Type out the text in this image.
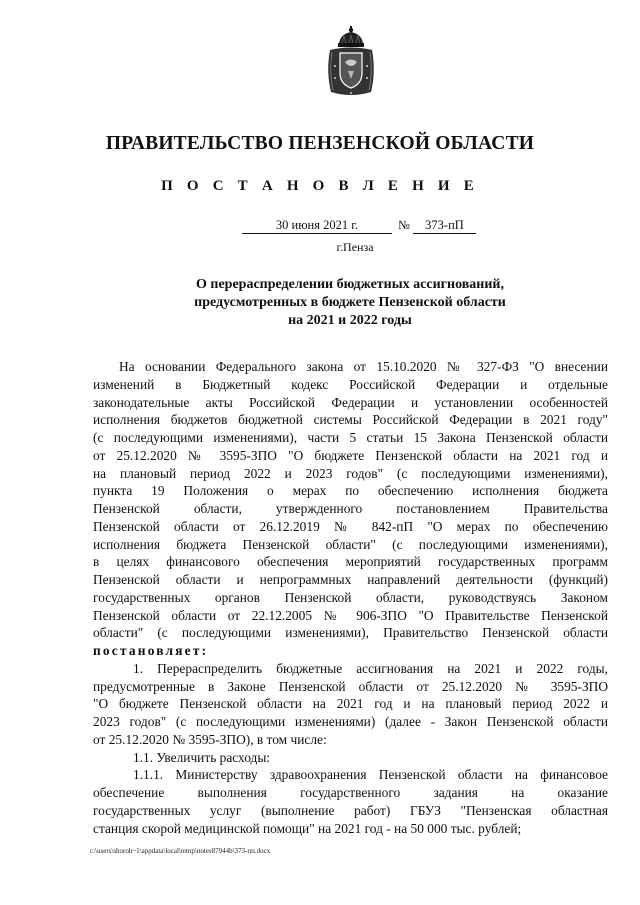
ПРАВИТЕЛЬСТВО ПЕНЗЕНСКОЙ ОБЛАСТИ
П О С Т А Н О В Л Е Н И Е
30 июня 2021 г.	№	373-пП
г.Пенза
О перераспределении бюджетных ассигнований,
предусмотренных в бюджете Пензенской области
на 2021 и 2022 годы
На основании Федерального закона от 15.10.2020 № 327-ФЗ "О внесении
изменений в Бюджетный кодекс Российской Федерации и отдельные
законодательные акты Российской Федерации и установлении особенностей
исполнения бюджетов бюджетной системы Российской Федерации в 2021 году"
(с последующими изменениями), части 5 статьи 15 Закона Пензенской области
от 25.12.2020 № 3595-ЗПО "О бюджете Пензенской области на 2021 год и
на плановый период 2022 и 2023 годов" (с последующими изменениями),
пункта 19 Положения о мерах по обеспечению исполнения бюджета
Пензенской области, утвержденного постановлением Правительства
Пензенской области от 26.12.2019 № 842-пП "О мерах по обеспечению
исполнения бюджета Пензенской области" (с последующими изменениями),
в целях финансового обеспечения мероприятий государственных программ
Пензенской области и непрограммных направлений деятельности (функций)
государственных органов Пензенской области, руководствуясь Законом
Пензенской области от 22.12.2005 № 906-ЗПО "О Правительстве Пензенской
области" (с последующими изменениями), Правительство Пензенской области
постановляет:
1. Перераспределить бюджетные ассигнования на 2021 и 2022 годы,
предусмотренные в Законе Пензенской области от 25.12.2020 № 3595-ЗПО
"О бюджете Пензенской области на 2021 год и на плановый период 2022 и
2023 годов" (с последующими изменениями) (далее - Закон Пензенской области
от 25.12.2020 № 3595-ЗПО), в том числе:
1.1. Увеличить расходы:
1.1.1. Министерству здравоохранения Пензенской области на финансовое
обеспечение выполнения государственного задания на оказание
государственных услуг (выполнение работ) ГБУЗ "Пензенская областная
станция скорой медицинской помощи" на 2021 год - на 50 000 тыс. рублей;
c:\users\shoroh~1\appdata\local\temp\notes87944b\373-пп.docx
